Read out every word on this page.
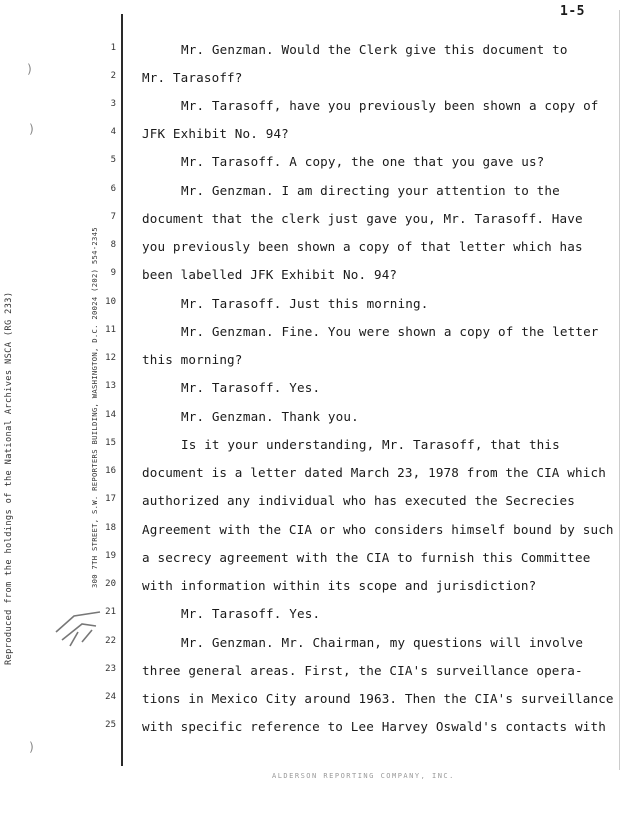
1-5
Reproduced from the holdings of the National Archives NSCA (RG 233)	300 7TH STREET, S.W. REPORTERS BUILDING, WASHINGTON, D.C. 20024 (202) 554-2345
1
2
3
4
5
6
7
8
9
10
11
12
13
14
15
16
17
18
19
20
21
22
23
24
25
Mr. Genzman. Would the Clerk give this document to
Mr. Tarasoff?
Mr. Tarasoff, have you previously been shown a copy of
JFK Exhibit No. 94?
Mr. Tarasoff. A copy, the one that you gave us?
Mr. Genzman. I am directing your attention to the
document that the clerk just gave you, Mr. Tarasoff. Have
you previously been shown a copy of that letter which has
been labelled JFK Exhibit No. 94?
Mr. Tarasoff. Just this morning.
Mr. Genzman. Fine. You were shown a copy of the letter
this morning?
Mr. Tarasoff. Yes.
Mr. Genzman. Thank you.
Is it your understanding, Mr. Tarasoff, that this
document is a letter dated March 23, 1978 from the CIA which
authorized any individual who has executed the Secrecies
Agreement with the CIA or who considers himself bound by such
a secrecy agreement with the CIA to furnish this Committee
with information within its scope and jurisdiction?
Mr. Tarasoff. Yes.
Mr. Genzman. Mr. Chairman, my questions will involve
three general areas. First, the CIA's surveillance opera-
tions in Mexico City around 1963. Then the CIA's surveillance
with specific reference to Lee Harvey Oswald's contacts with
ALDERSON REPORTING COMPANY, INC.
)
)
)
